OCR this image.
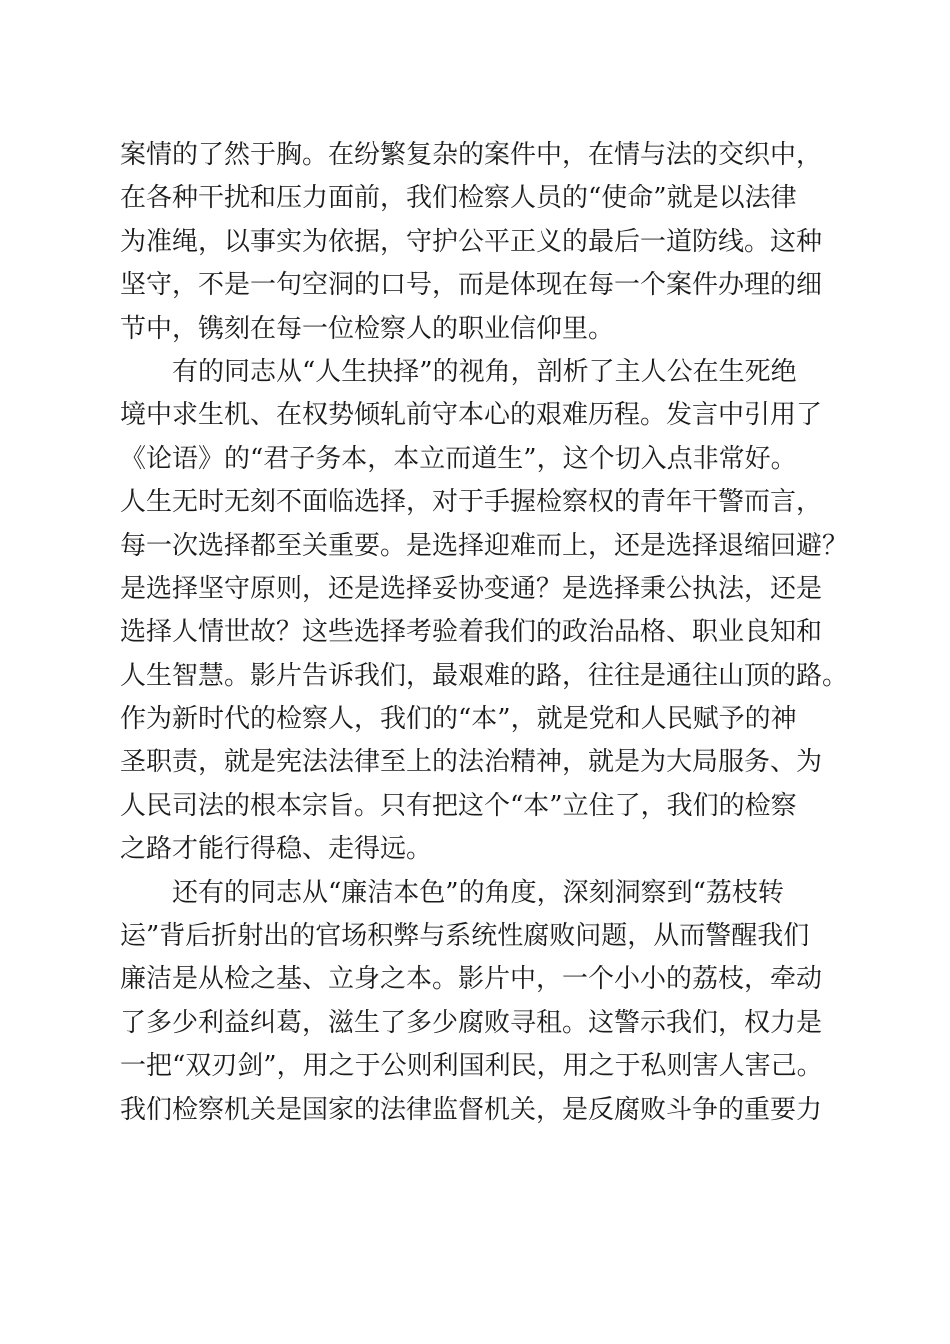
案情的了然于胸。在纷繁复杂的案件中，在情与法的交织中，
在各种干扰和压力面前，我们检察人员的“使命”就是以法律
为准绳，以事实为依据，守护公平正义的最后一道防线。这种
坚守，不是一句空洞的口号，而是体现在每一个案件办理的细
节中，镌刻在每一位检察人的职业信仰里。
有的同志从“人生抉择”的视角，剖析了主人公在生死绝
境中求生机、在权势倾轧前守本心的艰难历程。发言中引用了
《论语》的“君子务本，本立而道生”，这个切入点非常好。
人生无时无刻不面临选择，对于手握检察权的青年干警而言，
每一次选择都至关重要。是选择迎难而上，还是选择退缩回避？
是选择坚守原则，还是选择妥协变通？是选择秉公执法，还是
选择人情世故？这些选择考验着我们的政治品格、职业良知和
人生智慧。影片告诉我们，最艰难的路，往往是通往山顶的路。
作为新时代的检察人，我们的“本”，就是党和人民赋予的神
圣职责，就是宪法法律至上的法治精神，就是为大局服务、为
人民司法的根本宗旨。只有把这个“本”立住了，我们的检察
之路才能行得稳、走得远。
还有的同志从“廉洁本色”的角度，深刻洞察到“荔枝转
运”背后折射出的官场积弊与系统性腐败问题，从而警醒我们
廉洁是从检之基、立身之本。影片中，一个小小的荔枝，牵动
了多少利益纠葛，滋生了多少腐败寻租。这警示我们，权力是
一把“双刃剑”，用之于公则利国利民，用之于私则害人害己。
我们检察机关是国家的法律监督机关，是反腐败斗争的重要力
